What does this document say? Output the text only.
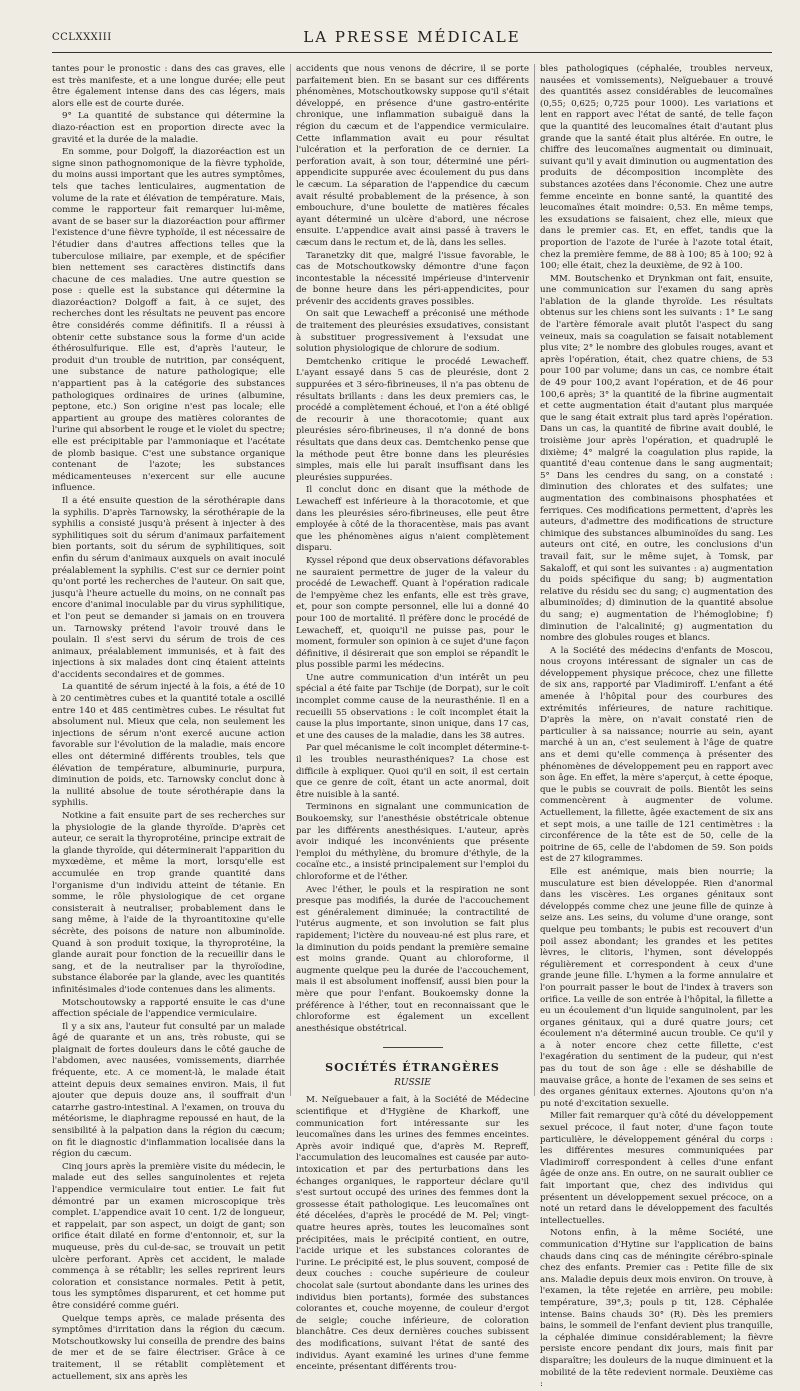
CCLXXXIII	LA PRESSE MÉDICALE

tantes pour le pronostic : dans des cas graves, elle est très manifeste, et a une longue durée; elle peut être également intense dans des cas légers, mais alors elle est de courte durée.

9° La quantité de substance qui détermine la diazo-réaction est en proportion directe avec la gravité et la durée de la maladie.

En somme, pour Dolgoff, la diazoréaction est un signe sinon pathognomonique de la fièvre typhoïde, du moins aussi important que les autres symptômes, tels que taches lenticulaires, augmentation de volume de la rate et élévation de température. Mais, comme le rapporteur fait remarquer lui-même, avant de se baser sur la diazoréaction pour affirmer l'existence d'une fièvre typhoïde, il est nécessaire de l'étudier dans d'autres affections telles que la tuberculose miliaire, par exemple, et de spécifier bien nettement ses caractères distinctifs dans chacune de ces maladies. Une autre question se pose : quelle est la substance qui détermine la diazoréaction? Dolgoff a fait, à ce sujet, des recherches dont les résultats ne peuvent pas encore être considérés comme définitifs. Il a réussi à obtenir cette substance sous la forme d'un acide éthérosulfurique. Elle est, d'après l'auteur, le produit d'un trouble de nutrition, par conséquent, une substance de nature pathologique; elle n'appartient pas à la catégorie des substances pathologiques ordinaires de urines (albumine, peptone, etc.) Son origine n'est pas locale; elle appartient au groupe des matières colorantes de l'urine qui absorbent le rouge et le violet du spectre; elle est précipitable par l'ammoniaque et l'acétate de plomb basique. C'est une substance organique contenant de l'azote; les substances médicamenteuses n'exercent sur elle aucune influence.

Il a été ensuite question de la sérothérapie dans la syphilis. D'après Tarnowsky, la sérothérapie de la syphilis a consisté jusqu'à présent à injecter à des syphilitiques soit du sérum d'animaux parfaitement bien portants, soit du sérum de syphilitiques, soit enfin du sérum d'animaux auxquels on avait inoculé préalablement la syphilis. C'est sur ce dernier point qu'ont porté les recherches de l'auteur. On sait que, jusqu'à l'heure actuelle du moins, on ne connaît pas encore d'animal inoculable par du virus syphilitique, et l'on peut se demander si jamais on en trouvera un. Tarnowsky prétend l'avoir trouvé dans le poulain. Il s'est servi du sérum de trois de ces animaux, préalablement immunisés, et à fait des injections à six malades dont cinq étaient atteints d'accidents secondaires et de gommes.

La quantité de sérum injecté à la fois, a été de 10 à 20 centimètres cubes et la quantité totale a oscillé entre 140 et 485 centimètres cubes. Le résultat fut absolument nul. Mieux que cela, non seulement les injections de sérum n'ont exercé aucune action favorable sur l'évolution de la maladie, mais encore elles ont déterminé différents troubles, tels que élévation de température, albuminurie, purpura, diminution de poids, etc. Tarnowsky conclut donc à la nullité absolue de toute sérothérapie dans la syphilis.

Notkine a fait ensuite part de ses recherches sur la physiologie de la glande thyroïde. D'après cet auteur, ce serait la thyroprotéine, principe extrait de la glande thyroïde, qui déterminerait l'apparition du myxœdème, et même la mort, lorsqu'elle est accumulée en trop grande quantité dans l'organisme d'un individu atteint de tétanie. En somme, le rôle physiologique de cet organe consisterait à neutraliser, probablement dans le sang même, à l'aide de la thyroantitoxine qu'elle sécrète, des poisons de nature non albuminoïde. Quand à son produit toxique, la thyroprotéine, la glande aurait pour fonction de la recueillir dans le sang, et de la neutraliser par la thyroïodine, substance élaborée par la glande, avec les quantités infinitésimales d'iode contenues dans les aliments.

Motschoutowsky a rapporté ensuite le cas d'une affection spéciale de l'appendice vermiculaire.

Il y a six ans, l'auteur fut consulté par un malade âgé de quarante et un ans, très robuste, qui se plaignait de fortes douleurs dans le côté gauche de l'abdomen, avec nausées, vomissements, diarrhée fréquente, etc. A ce moment-là, le malade était atteint depuis deux semaines environ. Mais, il fut ajouter que depuis douze ans, il souffrait d'un catarrhe gastro-intestinal. A l'examen, on trouva du météorisme, le diaphragme repoussé en haut, de la sensibilité à la palpation dans la région du cæcum; on fit le diagnostic d'inflammation localisée dans la région du cæcum.

Cinq jours après la première visite du médecin, le malade eut des selles sanguinolentes et rejeta l'appendice vermiculaire tout entier. Le fait fut démontré par un examen microscopique très complet. L'appendice avait 10 cent. 1/2 de longueur, et rappelait, par son aspect, un doigt de gant; son orifice était dilaté en forme d'entonnoir, et, sur la muqueuse, près du cul-de-sac, se trouvait un petit ulcère perforant. Après cet accident, le malade commença à se rétablir; les selles reprirent leurs coloration et consistance normales. Petit à petit, tous les symptômes disparurent, et cet homme put être considéré comme guéri.

Quelque temps après, ce malade présenta des symptômes d'irritation dans la région du cæcum. Motschoutkowsky lui conseilla de prendre des bains de mer et de se faire électriser. Grâce à ce traitement, il se rétablit complètement et actuellement, six ans après les

accidents que nous venons de décrire, il se porte parfaitement bien. En se basant sur ces différents phénomènes, Motschoutkowsky suppose qu'il s'était développé, en présence d'une gastro-entérite chronique, une inflammation subaiguë dans la région du cæcum et de l'appendice vermiculaire. Cette inflammation avait eu pour résultat l'ulcération et la perforation de ce dernier. La perforation avait, à son tour, déterminé une péri-appendicite suppurée avec écoulement du pus dans le cæcum. La séparation de l'appendice du cæcum avait résulté probablement de la présence, à son embouchure, d'une boulette de matières fécales ayant déterminé un ulcère d'abord, une nécrose ensuite. L'appendice avait ainsi passé à travers le cæcum dans le rectum et, de là, dans les selles.

Taranetzky dit que, malgré l'issue favorable, le cas de Motschoutkowsky démontre d'une façon incontestable la nécessité impérieuse d'intervenir de bonne heure dans les péri-appendicites, pour prévenir des accidents graves possibles.

On sait que Lewacheff a préconisé une méthode de traitement des pleurésies exsudatives, consistant à substituer progressivement à l'exsudat une solution physiologique de chlorure de sodium.

Demtchenko critique le procédé Lewacheff. L'ayant essayé dans 5 cas de pleurésie, dont 2 suppurées et 3 séro-fibrineuses, il n'a pas obtenu de résultats brillants : dans les deux premiers cas, le procédé a complètement échoué, et l'on a été obligé de recourir à une thoracotomie; quant aux pleurésies séro-fibrineuses, il n'a donné de bons résultats que dans deux cas. Demtchenko pense que la méthode peut être bonne dans les pleurésies simples, mais elle lui paraît insuffisant dans les pleurésies suppurées.

Il conclut donc en disant que la méthode de Lewacheff est inférieure à la thoracotomie, et que dans les pleurésies séro-fibrineuses, elle peut être employée à côté de la thoracentèse, mais pas avant que les phénomènes aigus n'aient complètement disparu.

Kyssel répond que deux observations défavorables ne sauraient permettre de juger de la valeur du procédé de Lewacheff. Quant à l'opération radicale de l'empyème chez les enfants, elle est très grave, et, pour son compte personnel, elle lui a donné 40 pour 100 de mortalité. Il préfère donc le procédé de Lewacheff, et, quoiqu'il ne puisse pas, pour le moment, formuler son opinion à ce sujet d'une façon définitive, il désirerait que son emploi se répandît le plus possible parmi les médecins.

Une autre communication d'un intérêt un peu spécial a été faite par Tschije (de Dorpat), sur le coït incomplet comme cause de la neurasthénie. Il en a recueilli 55 observations : le coït incomplet était la cause la plus importante, sinon unique, dans 17 cas, et une des causes de la maladie, dans les 38 autres.

Par quel mécanisme le coït incomplet détermine-t-il les troubles neurasthéniques? La chose est difficile à expliquer. Quoi qu'il en soit, il est certain que ce genre de coït, étant un acte anormal, doit être nuisible à la santé.

Terminons en signalant une communication de Boukoemsky, sur l'anesthésie obstétricale obtenue par les différents anesthésiques. L'auteur, après avoir indiqué les inconvénients que présente l'emploi du méthylène, du bromure d'éthyle, de la cocaïne etc., a insisté principalement sur l'emploi du chloroforme et de l'éther.

Avec l'éther, le pouls et la respiration ne sont presque pas modifiés, la durée de l'accouchement est généralement diminuée; la contractilité de l'utérus augmente, et son involution se fait plus rapidement; l'ictère du nouveau-né est plus rare, et la diminution du poids pendant la première semaine est moins grande. Quant au chloroforme, il augmente quelque peu la durée de l'accouchement, mais il est absolument inoffensif, aussi bien pour la mère que pour l'enfant. Boukoemsky donne la préférence à l'éther, tout en reconnaissant que le chloroforme est également un excellent anesthésique obstétrical.

SOCIÉTÉS ÉTRANGÈRES
RUSSIE

M. Neïguebauer a fait, à la Société de Médecine scientifique et d'Hygiène de Kharkoff, une communication fort intéressante sur les leucomaïnes dans les urines des femmes enceintes. Après avoir indiqué que, d'après M. Repreff, l'accumulation des leucomaïnes est causée par auto-intoxication et par des perturbations dans les échanges organiques, le rapporteur déclare qu'il s'est surtout occupé des urines des femmes dont la grossesse était pathologique. Les leucomaïnes ont été décelées, d'après le procédé de M. Pel; vingt-quatre heures après, toutes les leucomaïnes sont précipitées, mais le précipité contient, en outre, l'acide urique et les substances colorantes de l'urine. Le précipité est, le plus souvent, composé de deux couches : couche supérieure de couleur chocolat sale (surtout abondante dans les urines des individus bien portants), formée des substances colorantes et, couche moyenne, de couleur d'ergot de seigle; couche inférieure, de coloration blanchâtre. Ces deux dernières couches subissent des modifications, suivant l'état de santé des individus. Ayant examiné les urines d'une femme enceinte, présentant différents trou-

bles pathologiques (céphalée, troubles nerveux, nausées et vomissements), Neïguebauer a trouvé des quantités assez considérables de leucomaïnes (0,55; 0,625; 0,725 pour 1000). Les variations et lent en rapport avec l'état de santé, de telle façon que la quantité des leucomaïnes était d'autant plus grande que la santé était plus altérée. En outre, le chiffre des leucomaïnes augmentait ou diminuait, suivant qu'il y avait diminution ou augmentation des produits de décomposition incomplète des substances azotées dans l'économie. Chez une autre femme enceinte en bonne santé, la quantité des leucomaïnes était moindre: 0,53. En même temps, les exsudations se faisaient, chez elle, mieux que dans le premier cas. Et, en effet, tandis que la proportion de l'azote de l'urée à l'azote total était, chez la première femme, de 88 à 100; 85 à 100; 92 à 100; elle était, chez la deuxième, de 92 à 100.

MM. Boutschenko et Drynkman ont fait, ensuite, une communication sur l'examen du sang après l'ablation de la glande thyroïde. Les résultats obtenus sur les chiens sont les suivants : 1° Le sang de l'artère fémorale avait plutôt l'aspect du sang veineux, mais sa coagulation se faisait notablement plus vite; 2° le nombre des globules rouges, avant et après l'opération, était, chez quatre chiens, de 53 pour 100 par volume; dans un cas, ce nombre était de 49 pour 100,2 avant l'opération, et de 46 pour 100,6 après; 3° la quantité de la fibrine augmentait et cette augmentation était d'autant plus marquée que le sang était extrait plus tard après l'opération. Dans un cas, la quantité de fibrine avait doublé, le troisième jour après l'opération, et quadruplé le dixième; 4° malgré la coagulation plus rapide, la quantité d'eau contenue dans le sang augmentait; 5° Dans les cendres du sang, on a constaté : diminution des chlorates et des sulfates; une augmentation des combinaisons phosphatées et ferriques. Ces modifications permettent, d'après les auteurs, d'admettre des modifications de structure chimique des substances albuminoïdes du sang. Les auteurs ont cité, en outre, les conclusions d'un travail fait, sur le même sujet, à Tomsk, par Sakaloff, et qui sont les suivantes : a) augmentation du poids spécifique du sang; b) augmentation relative du résidu sec du sang; c) augmentation des albuminoïdes; d) diminution de la quantité absolue du sang; e) augmentation de l'hémoglobine; f) diminution de l'alcalinité; g) augmentation du nombre des globules rouges et blancs.

A la Société des médecins d'enfants de Moscou, nous croyons intéressant de signaler un cas de développement physique précoce, chez une fillette de six ans, rapporté par Vladimiroff. L'enfant a été amenée à l'hôpital pour des courbures des extrémités inférieures, de nature rachitique. D'après la mère, on n'avait constaté rien de particulier à sa naissance; nourrie au sein, ayant marché à un an, c'est seulement à l'âge de quatre ans et demi qu'elle commença à présenter des phénomènes de développement peu en rapport avec son âge. En effet, la mère s'aperçut, à cette époque, que le pubis se couvrait de poils. Bientôt les seins commencèrent à augmenter de volume. Actuellement, la fillette, âgée exactement de six ans et sept mois, a une taille de 121 centimètres : la circonférence de la tête est de 50, celle de la poitrine de 65, celle de l'abdomen de 59. Son poids est de 27 kilogrammes.

Elle est anémique, mais bien nourrie; la musculature est bien développée. Rien d'anormal dans les viscères. Les organes génitaux sont développés comme chez une jeune fille de quinze à seize ans. Les seins, du volume d'une orange, sont quelque peu tombants; le pubis est recouvert d'un poil assez abondant; les grandes et les petites lèvres, le clitoris, l'hymen, sont développés régulièrement et correspondent à ceux d'une grande jeune fille. L'hymen a la forme annulaire et l'on pourrait passer le bout de l'index à travers son orifice. La veille de son entrée à l'hôpital, la fillette a eu un écoulement d'un liquide sanguinolent, par les organes génitaux, qui a duré quatre jours; cet écoulement n'a déterminé aucun trouble. Ce qu'il y a à noter encore chez cette fillette, c'est l'exagération du sentiment de la pudeur, qui n'est pas du tout de son âge : elle se déshabille de mauvaise grâce, a honte de l'examen de ses seins et des organes génitaux externes. Ajoutons qu'on n'a pu noté d'excitation sexuelle.

Miller fait remarquer qu'à côté du développement sexuel précoce, il faut noter, d'une façon toute particulière, le développement général du corps : les différentes mesures communiquées par Vladimiroff correspondent à celles d'une enfant âgée de onze ans. En outre, on ne saurait oublier ce fait important que, chez des individus qui présentent un développement sexuel précoce, on a noté un retard dans le développement des facultés intellectuelles.

Notons enfin, à la même Société, une communication d'Hytine sur l'application de bains chauds dans cinq cas de méningite cérébro-spinale chez des enfants. Premier cas : Petite fille de six ans. Maladie depuis deux mois environ. On trouve, à l'examen, la tête rejetée en arrière, peu mobile: température, 39°,3; pouls p tit, 128. Céphalée intense. Bains chauds 30° (R). Dès les premiers bains, le sommeil de l'enfant devient plus tranquille, la céphalée diminue considérablement; la fièvre persiste encore pendant dix jours, mais finit par disparaître; les douleurs de la nuque diminuent et la mobilité de la tête redevient normale. Deuxième cas :
